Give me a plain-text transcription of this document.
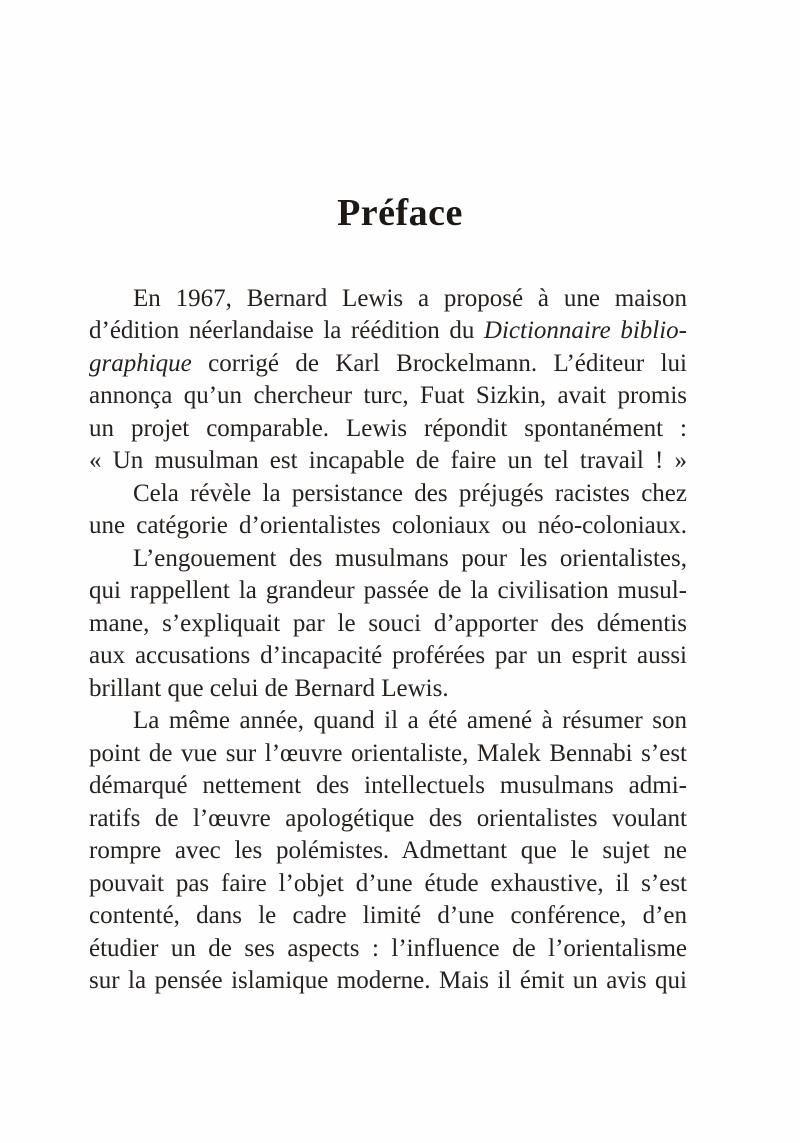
Préface

En 1967, Bernard Lewis a proposé à une maison
d’édition néerlandaise la réédition du Dictionnaire biblio-
graphique corrigé de Karl Brockelmann. L’éditeur lui
annonça qu’un chercheur turc, Fuat Sizkin, avait promis
un projet comparable. Lewis répondit spontanément :
« Un musulman est incapable de faire un tel travail ! »

Cela révèle la persistance des préjugés racistes chez
une catégorie d’orientalistes coloniaux ou néo-coloniaux.

L’engouement des musulmans pour les orientalistes,
qui rappellent la grandeur passée de la civilisation musul-
mane, s’expliquait par le souci d’apporter des démentis
aux accusations d’incapacité proférées par un esprit aussi
brillant que celui de Bernard Lewis.

La même année, quand il a été amené à résumer son
point de vue sur l’œuvre orientaliste, Malek Bennabi s’est
démarqué nettement des intellectuels musulmans admi-
ratifs de l’œuvre apologétique des orientalistes voulant
rompre avec les polémistes. Admettant que le sujet ne
pouvait pas faire l’objet d’une étude exhaustive, il s’est
contenté, dans le cadre limité d’une conférence, d’en
étudier un de ses aspects : l’influence de l’orientalisme
sur la pensée islamique moderne. Mais il émit un avis qui
